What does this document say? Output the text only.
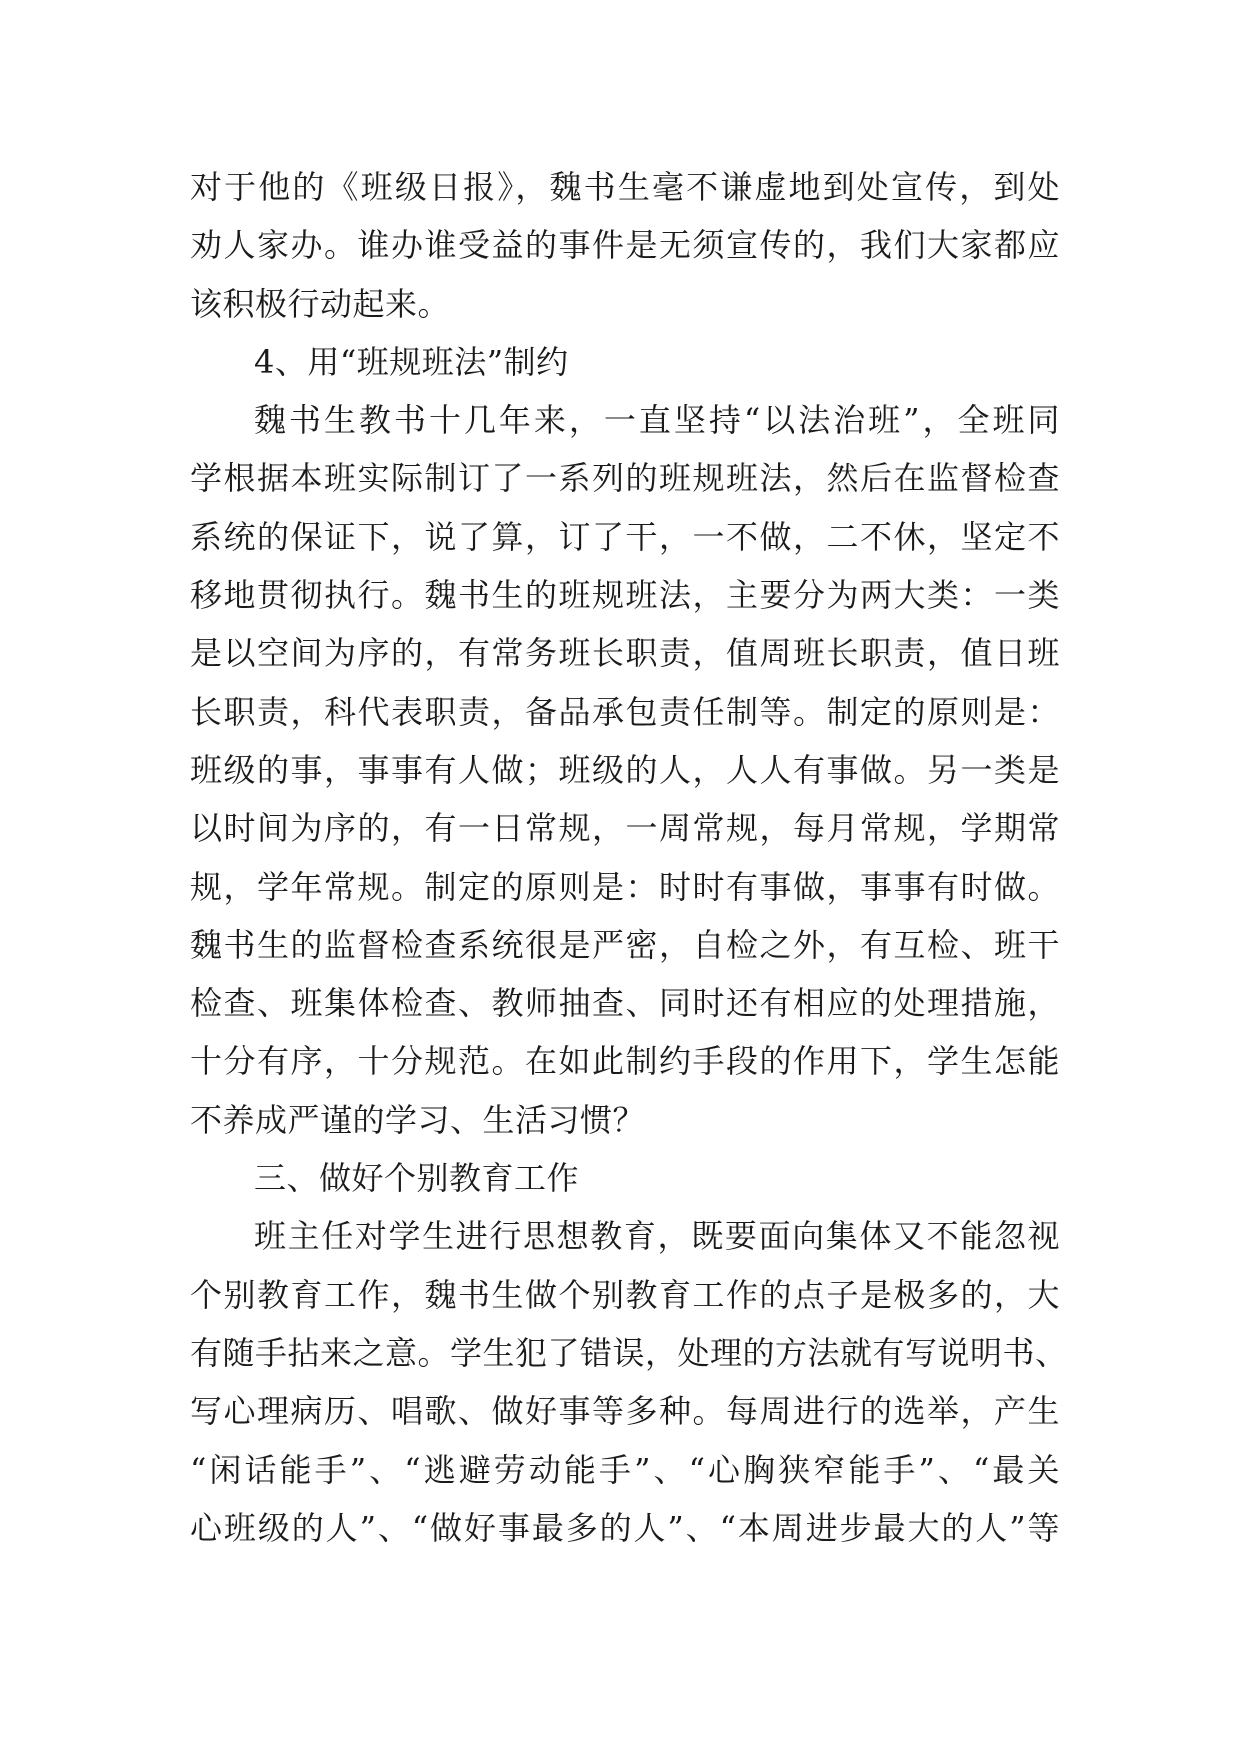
对于他的《班级日报》，魏书生毫不谦虚地到处宣传，到处
劝人家办。谁办谁受益的事件是无须宣传的，我们大家都应
该积极行动起来。
4、用“班规班法”制约
魏书生教书十几年来，一直坚持“以法治班”，全班同
学根据本班实际制订了一系列的班规班法，然后在监督检查
系统的保证下，说了算，订了干，一不做，二不休，坚定不
移地贯彻执行。魏书生的班规班法，主要分为两大类：一类
是以空间为序的，有常务班长职责，值周班长职责，值日班
长职责，科代表职责，备品承包责任制等。制定的原则是：
班级的事，事事有人做；班级的人，人人有事做。另一类是
以时间为序的，有一日常规，一周常规，每月常规，学期常
规，学年常规。制定的原则是：时时有事做，事事有时做。
魏书生的监督检查系统很是严密，自检之外，有互检、班干
检查、班集体检查、教师抽查、同时还有相应的处理措施，
十分有序，十分规范。在如此制约手段的作用下，学生怎能
不养成严谨的学习、生活习惯？
三、做好个别教育工作
班主任对学生进行思想教育，既要面向集体又不能忽视
个别教育工作，魏书生做个别教育工作的点子是极多的，大
有随手拈来之意。学生犯了错误，处理的方法就有写说明书、
写心理病历、唱歌、做好事等多种。每周进行的选举，产生
“闲话能手”、“逃避劳动能手”、“心胸狭窄能手”、“最关
心班级的人”、“做好事最多的人”、“本周进步最大的人”等
